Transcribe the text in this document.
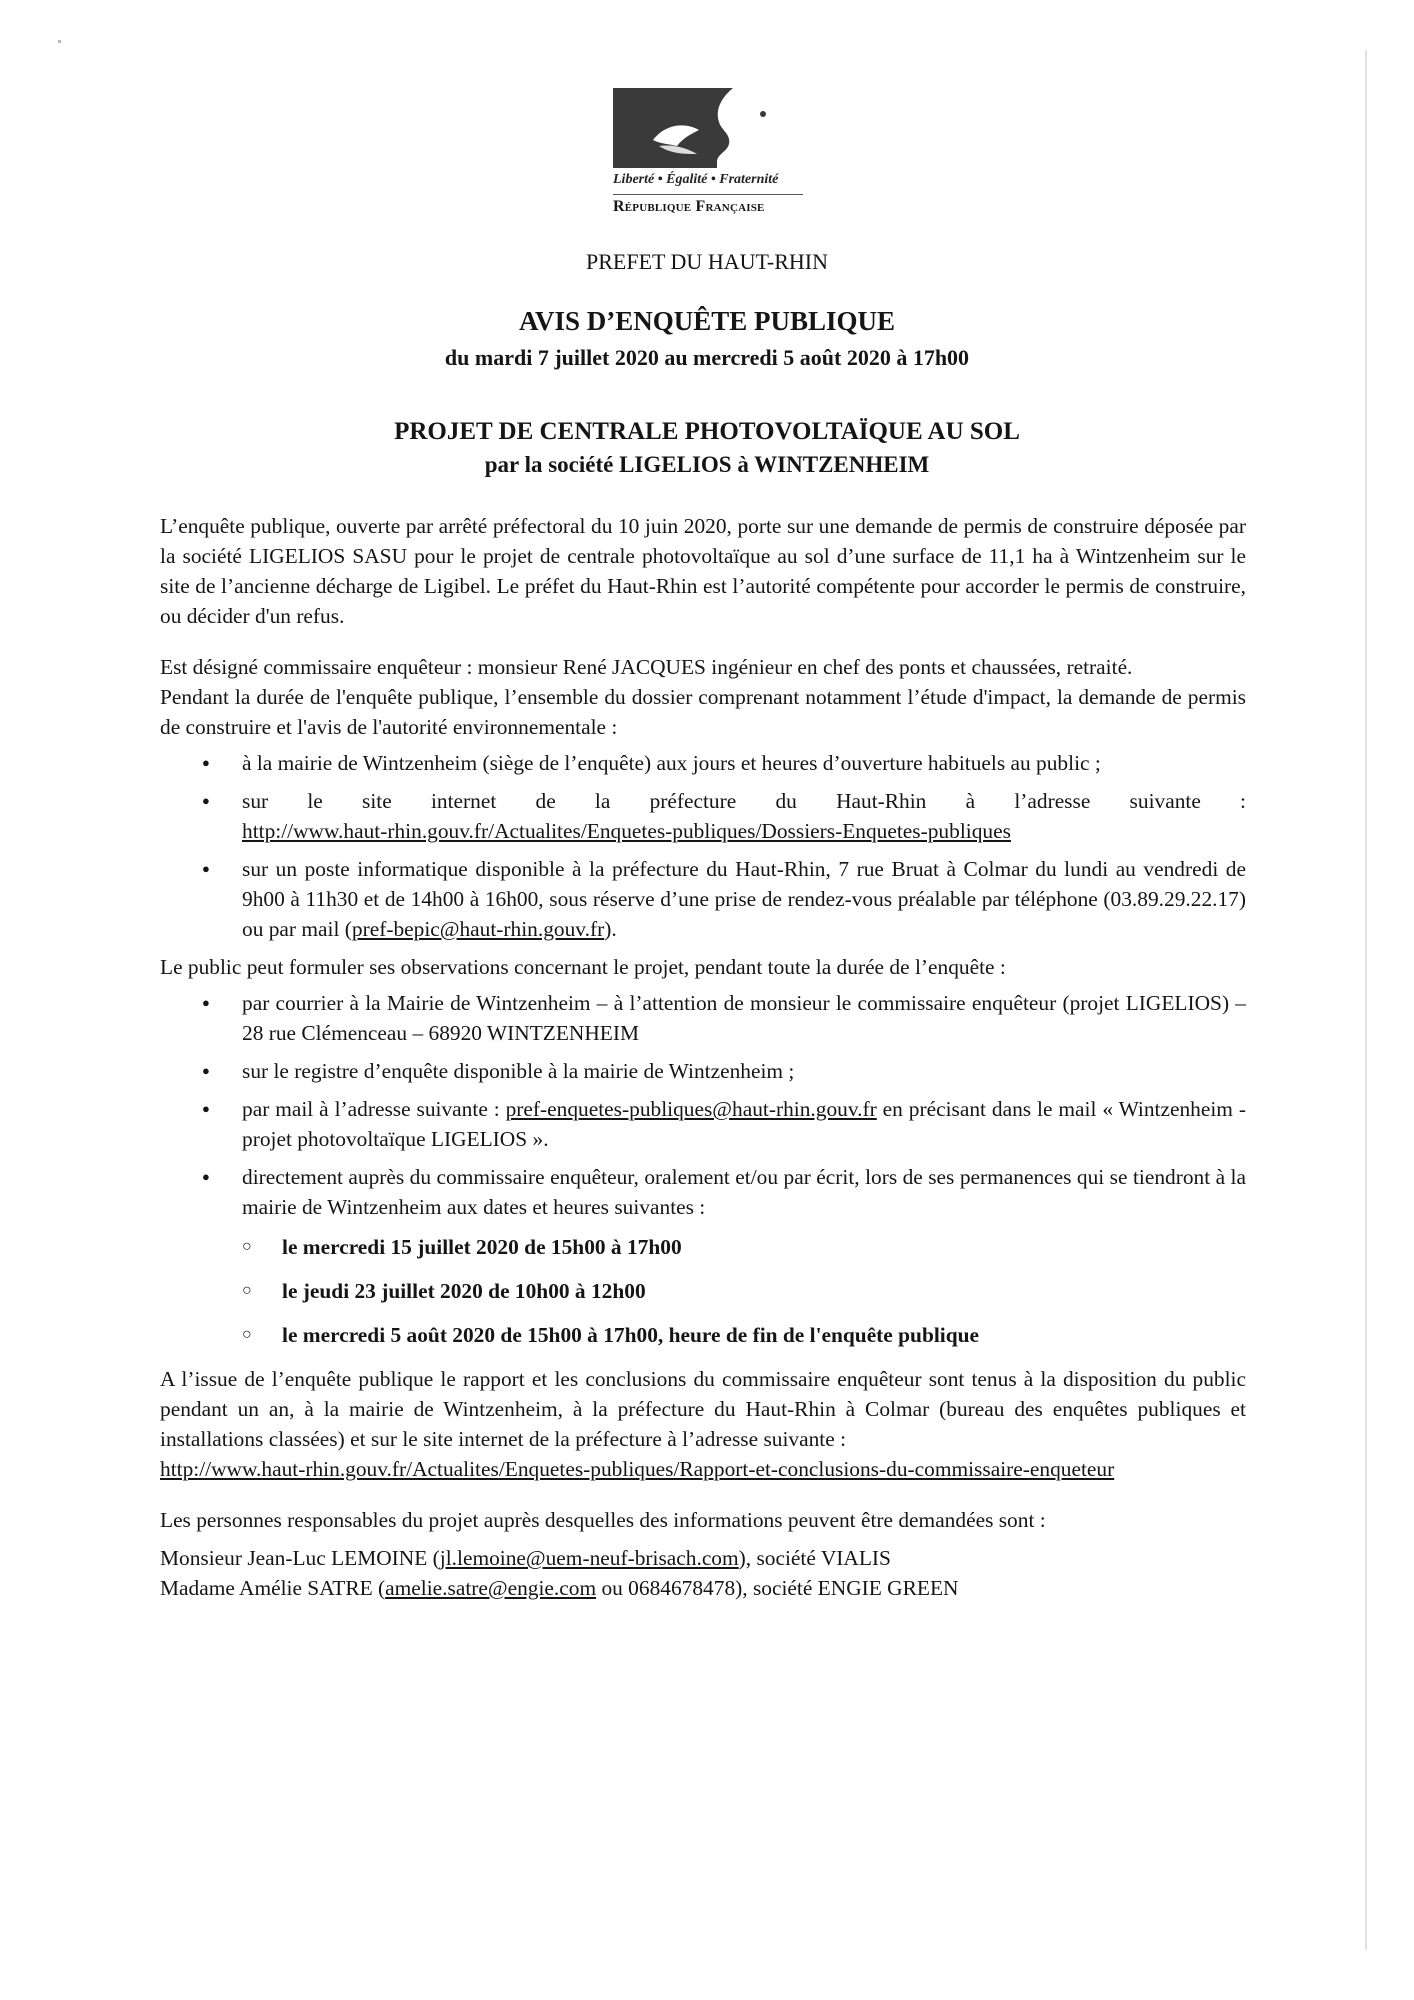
Liberté • Égalité • Fraternité
République Française
PREFET DU HAUT-RHIN
AVIS D’ENQUÊTE PUBLIQUE
du mardi 7 juillet 2020 au mercredi 5 août 2020 à 17h00
PROJET DE CENTRALE PHOTOVOLTAÏQUE AU SOL
par la société LIGELIOS à WINTZENHEIM

L’enquête publique, ouverte par arrêté préfectoral du 10 juin 2020, porte sur une demande de permis de construire déposée par la société LIGELIOS SASU pour le projet de centrale photovoltaïque au sol d’une surface de 11,1 ha à Wintzenheim sur le site de l’ancienne décharge de Ligibel. Le préfet du Haut-Rhin est l’autorité compétente pour accorder le permis de construire, ou décider d'un refus.

Est désigné commissaire enquêteur : monsieur René JACQUES ingénieur en chef des ponts et chaussées, retraité.

Pendant la durée de l'enquête publique, l’ensemble du dossier comprenant notamment l’étude d'impact, la demande de permis de construire et l'avis de l'autorité environnementale :

● à la mairie de Wintzenheim (siège de l’enquête) aux jours et heures d’ouverture habituels au public ;
● sur le site internet de la préfecture du Haut-Rhin à l’adresse suivante :
http://www.haut-rhin.gouv.fr/Actualites/Enquetes-publiques/Dossiers-Enquetes-publiques
● sur un poste informatique disponible à la préfecture du Haut-Rhin, 7 rue Bruat à Colmar du lundi au vendredi de 9h00 à 11h30 et de 14h00 à 16h00, sous réserve d’une prise de rendez-vous préalable par téléphone (03.89.29.22.17) ou par mail (pref-bepic@haut-rhin.gouv.fr).

Le public peut formuler ses observations concernant le projet, pendant toute la durée de l’enquête :

● par courrier à la Mairie de Wintzenheim – à l’attention de monsieur le commissaire enquêteur (projet LIGELIOS) – 28 rue Clémenceau – 68920 WINTZENHEIM
● sur le registre d’enquête disponible à la mairie de Wintzenheim ;
● par mail à l’adresse suivante : pref-enquetes-publiques@haut-rhin.gouv.fr en précisant dans le mail « Wintzenheim - projet photovoltaïque LIGELIOS ».
● directement auprès du commissaire enquêteur, oralement et/ou par écrit, lors de ses permanences qui se tiendront à la mairie de Wintzenheim aux dates et heures suivantes :
○ le mercredi 15 juillet 2020 de 15h00 à 17h00
○ le jeudi 23 juillet 2020 de 10h00 à 12h00
○ le mercredi 5 août 2020 de 15h00 à 17h00, heure de fin de l'enquête publique

A l’issue de l’enquête publique le rapport et les conclusions du commissaire enquêteur sont tenus à la disposition du public pendant un an, à la mairie de Wintzenheim, à la préfecture du Haut-Rhin à Colmar (bureau des enquêtes publiques et installations classées) et sur le site internet de la préfecture à l’adresse suivante :

http://www.haut-rhin.gouv.fr/Actualites/Enquetes-publiques/Rapport-et-conclusions-du-commissaire-enqueteur

Les personnes responsables du projet auprès desquelles des informations peuvent être demandées sont :

Monsieur Jean-Luc LEMOINE (jl.lemoine@uem-neuf-brisach.com), société VIALIS

Madame Amélie SATRE (amelie.satre@engie.com ou 0684678478), société ENGIE GREEN
